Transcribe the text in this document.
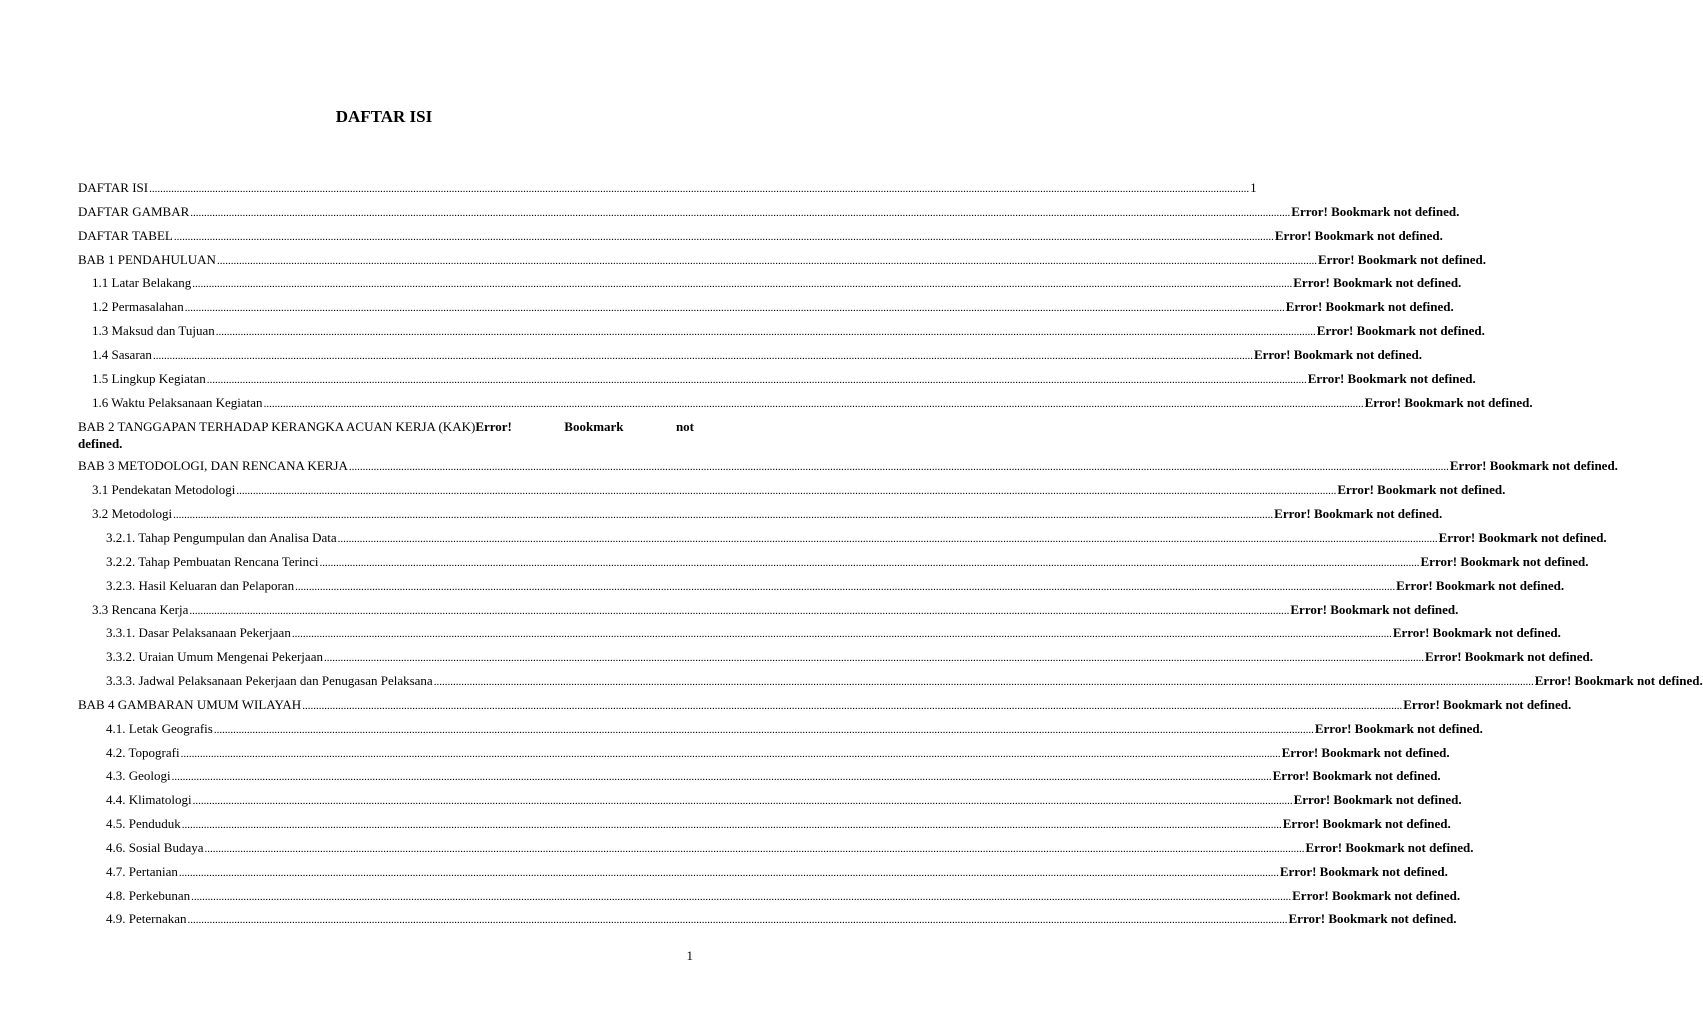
DAFTAR ISI
DAFTAR ISI ................................................................................................................................................................................................................................................................................................................................................................................................................ 1
DAFTAR GAMBAR ................................................................................................................................................................................................................................................................................................................................................................................................................ Error! Bookmark not defined.
DAFTAR TABEL ................................................................................................................................................................................................................................................................................................................................................................................................................ Error! Bookmark not defined.
BAB 1 PENDAHULUAN ................................................................................................................................................................................................................................................................................................................................................................................................................ Error! Bookmark not defined.
1.1 Latar Belakang ................................................................................................................................................................................................................................................................................................................................................................................................................ Error! Bookmark not defined.
1.2 Permasalahan ................................................................................................................................................................................................................................................................................................................................................................................................................ Error! Bookmark not defined.
1.3 Maksud dan Tujuan ................................................................................................................................................................................................................................................................................................................................................................................................................ Error! Bookmark not defined.
1.4 Sasaran ................................................................................................................................................................................................................................................................................................................................................................................................................ Error! Bookmark not defined.
1.5 Lingkup Kegiatan ................................................................................................................................................................................................................................................................................................................................................................................................................ Error! Bookmark not defined.
1.6 Waktu Pelaksanaan Kegiatan ................................................................................................................................................................................................................................................................................................................................................................................................................ Error! Bookmark not defined.
BAB 2 TANGGAPAN TERHADAP KERANGKA ACUAN KERJA (KAK)Error!	Bookmark	not
defined.
BAB 3 METODOLOGI, DAN RENCANA KERJA ................................................................................................................................................................................................................................................................................................................................................................................................................ Error! Bookmark not defined.
3.1 Pendekatan Metodologi ................................................................................................................................................................................................................................................................................................................................................................................................................ Error! Bookmark not defined.
3.2 Metodologi ................................................................................................................................................................................................................................................................................................................................................................................................................ Error! Bookmark not defined.
3.2.1. Tahap Pengumpulan dan Analisa Data ................................................................................................................................................................................................................................................................................................................................................................................................................ Error! Bookmark not defined.
3.2.2. Tahap Pembuatan Rencana Terinci ................................................................................................................................................................................................................................................................................................................................................................................................................ Error! Bookmark not defined.
3.2.3. Hasil Keluaran dan Pelaporan ................................................................................................................................................................................................................................................................................................................................................................................................................ Error! Bookmark not defined.
3.3 Rencana Kerja ................................................................................................................................................................................................................................................................................................................................................................................................................ Error! Bookmark not defined.
3.3.1. Dasar Pelaksanaan Pekerjaan ................................................................................................................................................................................................................................................................................................................................................................................................................ Error! Bookmark not defined.
3.3.2. Uraian Umum Mengenai Pekerjaan ................................................................................................................................................................................................................................................................................................................................................................................................................ Error! Bookmark not defined.
3.3.3. Jadwal Pelaksanaan Pekerjaan dan Penugasan Pelaksana ................................................................................................................................................................................................................................................................................................................................................................................................................ Error! Bookmark not defined.
BAB 4 GAMBARAN UMUM WILAYAH ................................................................................................................................................................................................................................................................................................................................................................................................................ Error! Bookmark not defined.
4.1. Letak Geografis ................................................................................................................................................................................................................................................................................................................................................................................................................ Error! Bookmark not defined.
4.2. Topografi ................................................................................................................................................................................................................................................................................................................................................................................................................ Error! Bookmark not defined.
4.3. Geologi ................................................................................................................................................................................................................................................................................................................................................................................................................ Error! Bookmark not defined.
4.4. Klimatologi ................................................................................................................................................................................................................................................................................................................................................................................................................ Error! Bookmark not defined.
4.5. Penduduk ................................................................................................................................................................................................................................................................................................................................................................................................................ Error! Bookmark not defined.
4.6. Sosial Budaya ................................................................................................................................................................................................................................................................................................................................................................................................................ Error! Bookmark not defined.
4.7. Pertanian ................................................................................................................................................................................................................................................................................................................................................................................................................ Error! Bookmark not defined.
4.8. Perkebunan ................................................................................................................................................................................................................................................................................................................................................................................................................ Error! Bookmark not defined.
4.9. Peternakan ................................................................................................................................................................................................................................................................................................................................................................................................................ Error! Bookmark not defined.

1
